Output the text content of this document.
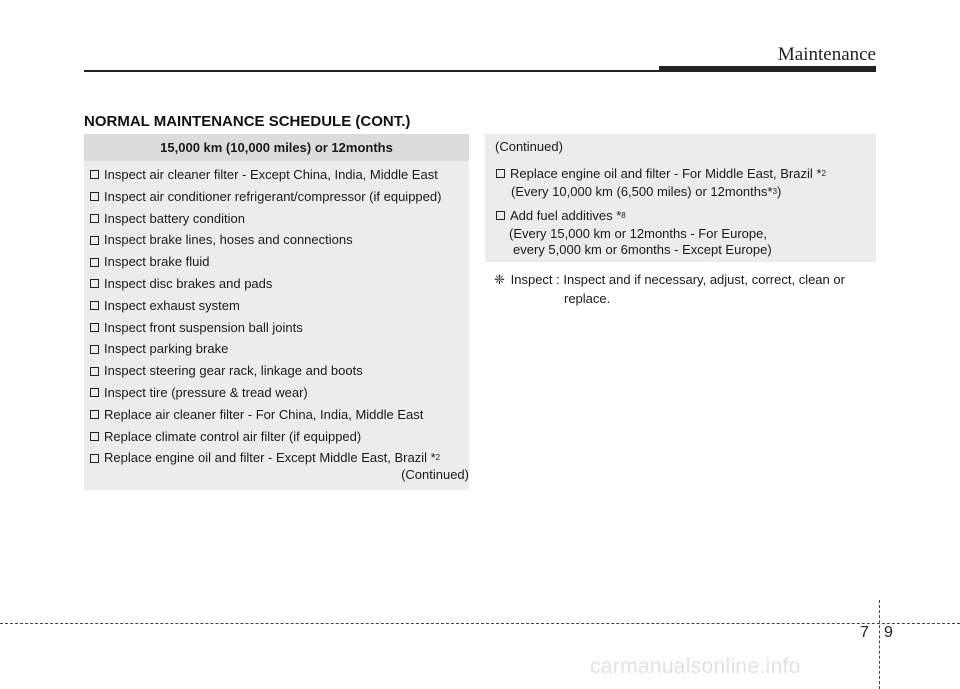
Maintenance
NORMAL MAINTENANCE SCHEDULE (CONT.)
15,000 km (10,000 miles) or 12months
Inspect air cleaner filter - Except China, India, Middle East
Inspect air conditioner refrigerant/compressor (if equipped)
Inspect battery condition
Inspect brake lines, hoses and connections
Inspect brake fluid
Inspect disc brakes and pads
Inspect exhaust system
Inspect front suspension ball joints
Inspect parking brake
Inspect steering gear rack, linkage and boots
Inspect tire (pressure & tread wear)
Replace air cleaner filter - For China, India, Middle East
Replace climate control air filter (if equipped)
Replace engine oil and filter - Except Middle East, Brazil * 2
(Continued)
(Continued)
Replace engine oil and filter - For Middle East, Brazil * 2
(Every 10,000 km (6,500 miles) or 12months* 3 )
Add fuel additives * 8
(Every 15,000 km or 12months - For Europe,
every 5,000 km or 6months - Except Europe)
❈ Inspect : Inspect and if necessary, adjust, correct, clean or
replace.
7 9
carmanualsonline.info
